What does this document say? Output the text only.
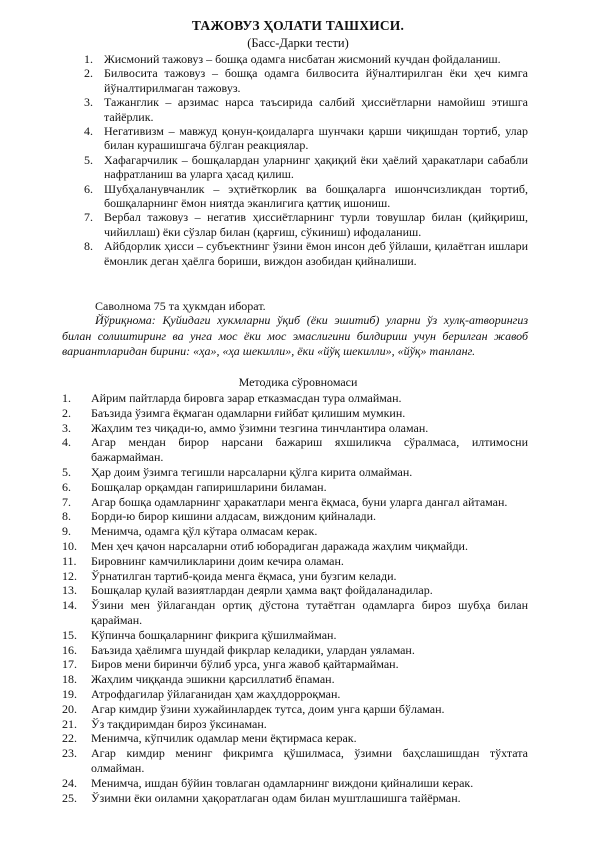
ТАЖОВУЗ ҲОЛАТИ ТАШХИСИ.
(Басс-Дарки тести)

1. Жисмоний тажовуз – бошқа одамга нисбатан жисмоний кучдан фойдаланиш.

2. Билвосита тажовуз – бошқа одамга билвосита йўналтирилган ёки ҳеч кимга йўналтирилмаган тажовуз.

3. Тажанглик – арзимас нарса таъсирида салбий ҳиссиётларни намойиш этишга тайёрлик.

4. Негативизм – мавжуд қонун-қоидаларга шунчаки қарши чиқишдан тортиб, улар билан курашишгача бўлган реакциялар.

5. Хафагарчилик – бошқалардан уларнинг ҳақиқий ёки ҳаёлий ҳаракатлари сабабли нафратланиш ва уларга ҳасад қилиш.

6. Шубҳаланувчанлик – эҳтиёткорлик ва бошқаларга ишончсизликдан тортиб, бошқаларнинг ёмон ниятда эканлигига қаттиқ ишониш.

7. Вербал тажовуз – негатив ҳиссиётларнинг турли товушлар билан (қийқириш, чийиллаш) ёки сўзлар билан (қарғиш, сўкиниш) ифодаланиш.

8. Айбдорлик ҳисси – субъектнинг ўзини ёмон инсон деб ўйлаши, қилаётган ишлари ёмонлик деган ҳаёлга бориши, виждон азобидан қийналиши.

Саволнома 75 та ҳукмдан иборат.
Йўриқнома: Қуйидаги хукмларни ўқиб (ёки эшитиб) уларни ўз хулқ-атворингиз билан солиштиринг ва унга мос ёки мос эмаслигини билдириш учун берилган жавоб вариантларидан бирини: «ҳа», «ҳа шекилли», ёки «йўқ шекилли», «йўқ» танланг.
Методика сўровномаси

1. Айрим пайтларда бировга зарар етказмасдан тура олмайман.

2. Баъзида ўзимга ёқмаган одамларни ғийбат қилишим мумкин.

3. Жаҳлим тез чиқади-ю, аммо ўзимни тезгина тинчлантира оламан.

4. Агар мендан бирор нарсани бажариш яхшиликча сўралмаса, илтимосни бажармайман.

5. Ҳар доим ўзимга тегишли нарсаларни қўлга кирита олмайман.

6. Бошқалар орқамдан гапиришларини биламан.

7. Агар бошқа одамларнинг ҳаракатлари менга ёқмаса, буни уларга дангал айтаман.

8. Борди-ю бирор кишини алдасам, виждоним қийналади.

9. Менимча, одамга қўл кўтара олмасам керак.

10. Мен ҳеч қачон нарсаларни отиб юборадиган даражада жаҳлим чиқмайди.

11. Бировнинг камчиликларини доим кечира оламан.

12. Ўрнатилган тартиб-қоида менга ёқмаса, уни бузгим келади.

13. Бошқалар қулай вазиятлардан деярли ҳамма вақт фойдаланадилар.

14. Ўзини мен ўйлагандан ортиқ дўстона тутаётган одамларга бироз шубҳа билан қарайман.

15. Кўпинча бошқаларнинг фикрига қўшилмайман.

16. Баъзида ҳаёлимга шундай фикрлар келадики, улардан уяламан.

17. Биров мени биринчи бўлиб урса, унга жавоб қайтармайман.

18. Жаҳлим чиққанда эшикни қарсиллатиб ёпаман.

19. Атрофдагилар ўйлаганидан ҳам жаҳлдорроқман.

20. Агар кимдир ўзини хужайинлардек тутса, доим унга қарши бўламан.

21. Ўз тақдиримдан бироз ўксинаман.

22. Менимча, кўпчилик одамлар мени ёқтирмаса керак.

23. Агар кимдир менинг фикримга қўшилмаса, ўзимни баҳслашишдан тўхтата олмайман.

24. Менимча, ишдан бўйин товлаган одамларнинг виждони қийналиши керак.

25. Ўзимни ёки оиламни ҳақоратлаган одам билан муштлашишга тайёрман.
